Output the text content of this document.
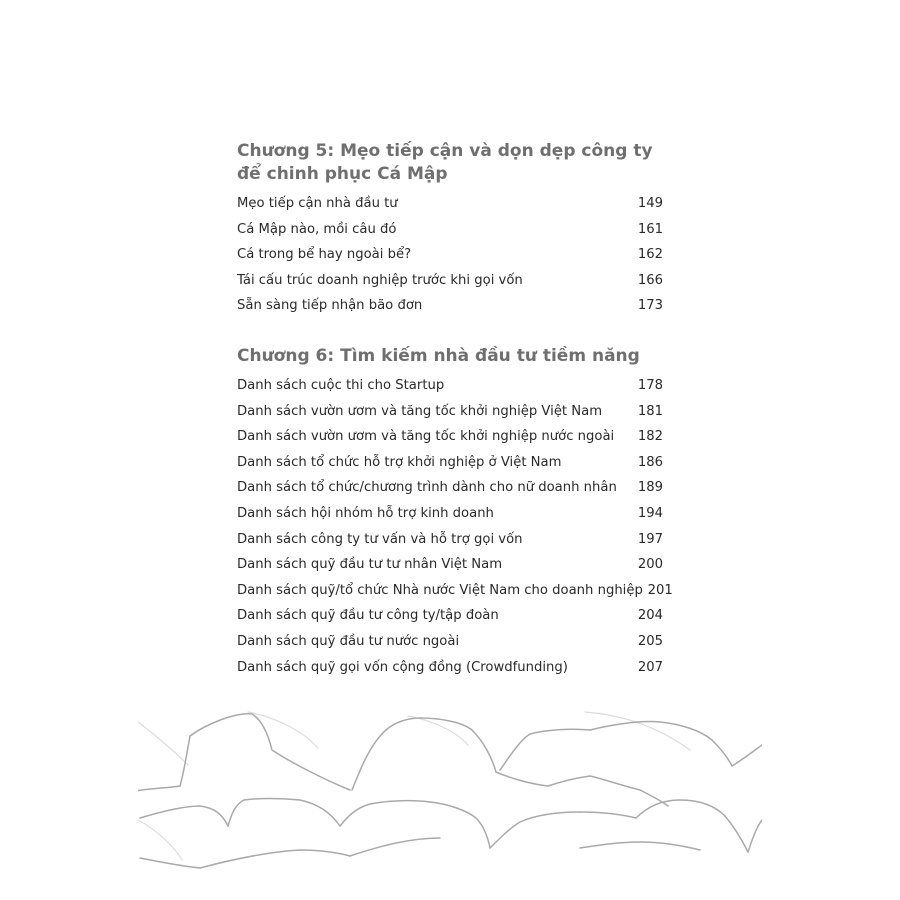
Chương 5: Mẹo tiếp cận và dọn dẹp công ty để chinh phục Cá Mập
Mẹo tiếp cận nhà đầu tư	149
Cá Mập nào, mồi câu đó	161
Cá trong bể hay ngoài bể?	162
Tái cấu trúc doanh nghiệp trước khi gọi vốn	166
Sẵn sàng tiếp nhận bão đơn	173
Chương 6: Tìm kiếm nhà đầu tư tiềm năng
Danh sách cuộc thi cho Startup	178
Danh sách vườn ươm và tăng tốc khởi nghiệp Việt Nam	181
Danh sách vườn ươm và tăng tốc khởi nghiệp nước ngoài	182
Danh sách tổ chức hỗ trợ khởi nghiệp ở Việt Nam	186
Danh sách tổ chức/chương trình dành cho nữ doanh nhân	189
Danh sách hội nhóm hỗ trợ kinh doanh	194
Danh sách công ty tư vấn và hỗ trợ gọi vốn	197
Danh sách quỹ đầu tư tư nhân Việt Nam	200
Danh sách quỹ/tổ chức Nhà nước Việt Nam cho doanh nghiệp 201
Danh sách quỹ đầu tư công ty/tập đoàn	204
Danh sách quỹ đầu tư nước ngoài	205
Danh sách quỹ gọi vốn cộng đồng (Crowdfunding)	207
